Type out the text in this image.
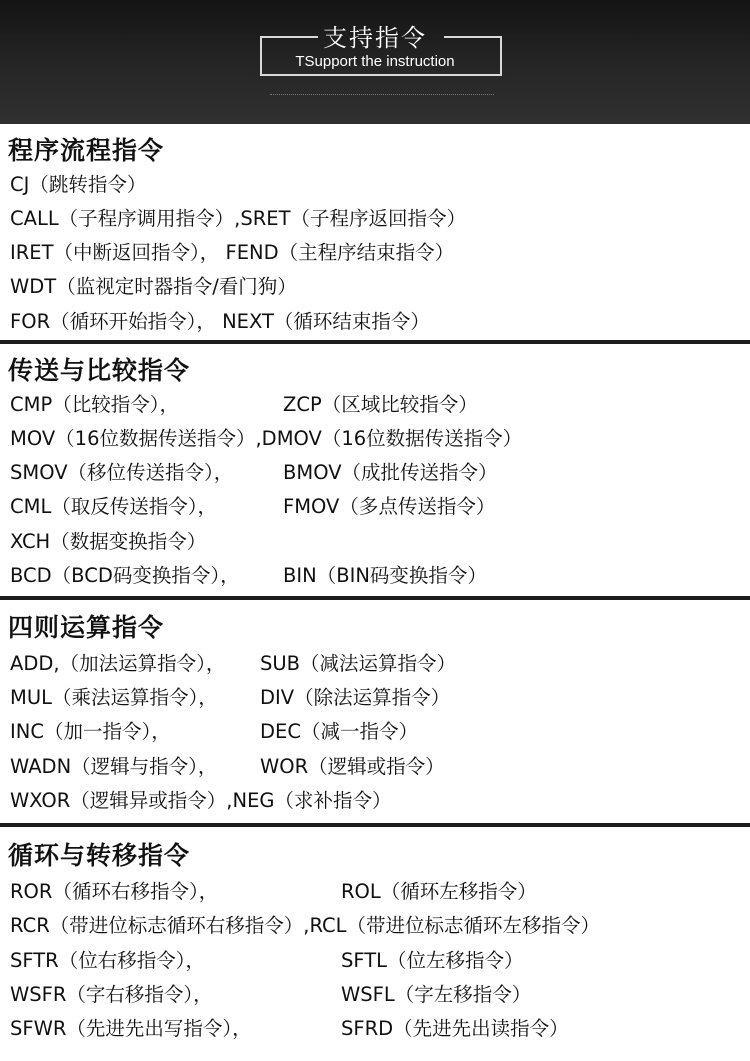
支持指令
TSupport the instruction
程序流程指令
CJ（跳转指令）
CALL（子程序调用指令）,SRET（子程序返回指令）
IRET（中断返回指令）， FEND（主程序结束指令）
WDT（监视定时器指令/看门狗）
FOR（循环开始指令）， NEXT（循环结束指令）
传送与比较指令
CMP（比较指令），	ZCP（区域比较指令）
MOV（16位数据传送指令）,DMOV（16位数据传送指令）
SMOV（移位传送指令），	BMOV（成批传送指令）
CML（取反传送指令），	FMOV（多点传送指令）
XCH（数据变换指令）
BCD（BCD码变换指令）， BIN（BIN码变换指令）
四则运算指令
ADD,（加法运算指令）， SUB（减法运算指令）
MUL（乘法运算指令）， DIV（除法运算指令）
INC（加一指令），	DEC（减一指令）
WADN（逻辑与指令）， WOR（逻辑或指令）
WXOR（逻辑异或指令）,NEG（求补指令）
循环与转移指令
ROR（循环右移指令），	ROL（循环左移指令）
RCR（带进位标志循环右移指令）,RCL（带进位标志循环左移指令）
SFTR（位右移指令），	SFTL（位左移指令）
WSFR（字右移指令），	WSFL（字左移指令）
SFWR（先进先出写指令），	SFRD（先进先出读指令）
